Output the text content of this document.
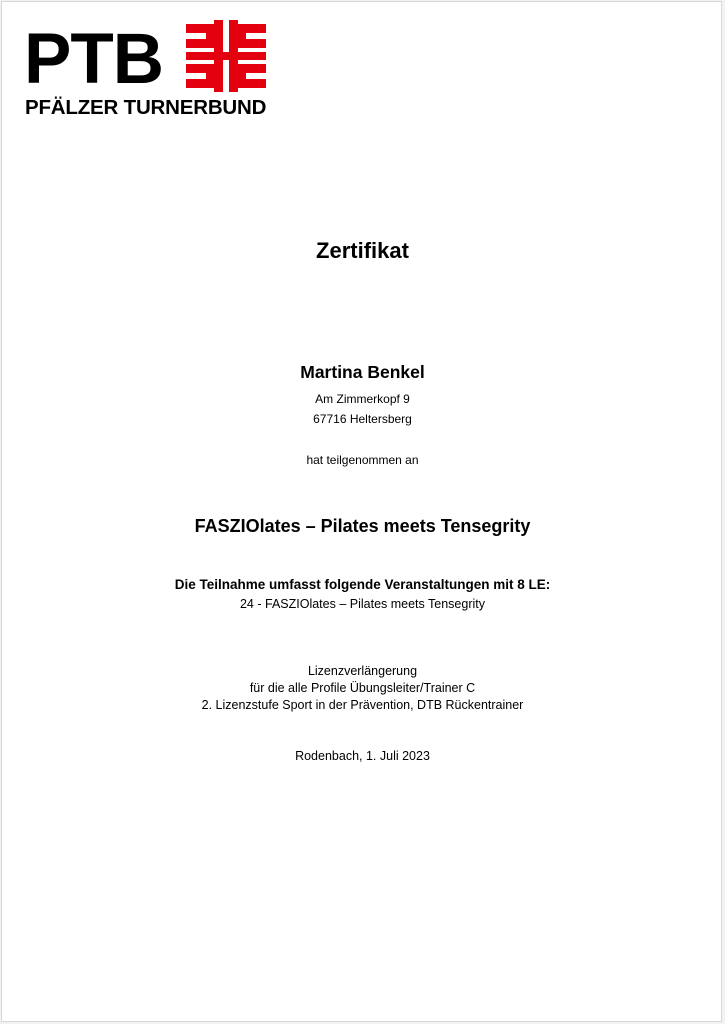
PTB
PFÄLZER TURNERBUND
Zertifikat
Martina Benkel
Am Zimmerkopf 9
67716 Heltersberg
hat teilgenommen an
FASZIOlates – Pilates meets Tensegrity
Die Teilnahme umfasst folgende Veranstaltungen mit 8 LE:
24 - FASZIOlates – Pilates meets Tensegrity
Lizenzverlängerung
für die alle Profile Übungsleiter/Trainer C
2. Lizenzstufe Sport in der Prävention, DTB Rückentrainer
Rodenbach, 1. Juli 2023
